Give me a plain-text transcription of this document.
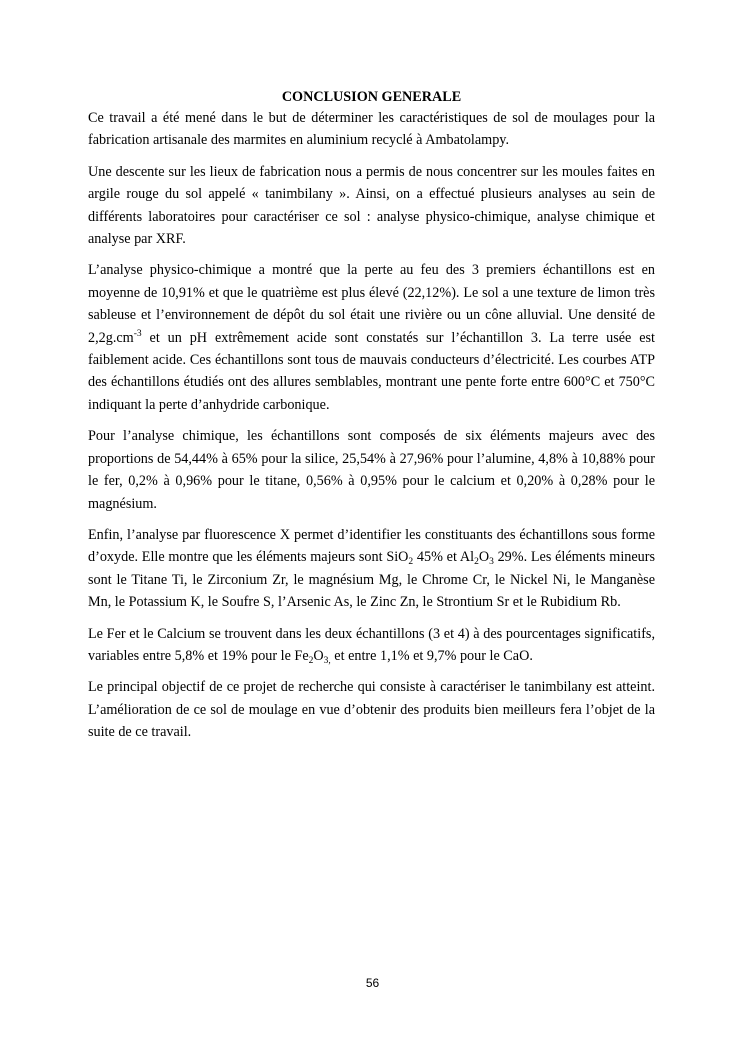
CONCLUSION GENERALE

Ce travail a été mené dans le but de déterminer les caractéristiques de sol de moulages pour la fabrication artisanale des marmites en aluminium recyclé à Ambatolampy.

Une descente sur les lieux de fabrication nous a permis de nous concentrer sur les moules faites en argile rouge du sol appelé « tanimbilany ». Ainsi, on a effectué plusieurs analyses au sein de différents laboratoires pour caractériser ce sol : analyse physico-chimique, analyse chimique et analyse par XRF.

L’analyse physico-chimique a montré que la perte au feu des 3 premiers échantillons est en moyenne de 10,91% et que le quatrième est plus élevé (22,12%). Le sol a une texture de limon très sableuse et l’environnement de dépôt du sol était une rivière ou un cône alluvial. Une densité de $2,2g.cm^{-3}$ et un pH extrêmement acide sont constatés sur l’échantillon 3. La terre usée est faiblement acide. Ces échantillons sont tous de mauvais conducteurs d’électricité. Les courbes ATP des échantillons étudiés ont des allures semblables, montrant une pente forte entre 600°C et 750°C indiquant la perte d’anhydride carbonique.

Pour l’analyse chimique, les échantillons sont composés de six éléments majeurs avec des proportions de 54,44% à 65% pour la silice, 25,54% à 27,96% pour l’alumine, 4,8% à 10,88% pour le fer, 0,2% à 0,96% pour le titane, 0,56% à 0,95% pour le calcium et 0,20% à 0,28% pour le magnésium.

Enfin, l’analyse par fluorescence X permet d’identifier les constituants des échantillons sous forme d’oxyde. Elle montre que les éléments majeurs sont SiO$_2$ 45% et $Al_2O_3$ 29%. Les éléments mineurs sont le Titane Ti, le Zirconium Zr, le magnésium Mg, le Chrome Cr, le Nickel Ni, le Manganèse Mn, le Potassium K, le Soufre S, l’Arsenic As, le Zinc Zn, le Strontium Sr et le Rubidium Rb.

Le Fer et le Calcium se trouvent dans les deux échantillons (3 et 4) à des pourcentages significatifs, variables entre 5,8% et 19% pour le $Fe_2O_{3,}$ et entre 1,1% et 9,7% pour le CaO.

Le principal objectif de ce projet de recherche qui consiste à caractériser le tanimbilany est atteint. L’amélioration de ce sol de moulage en vue d’obtenir des produits bien meilleurs fera l’objet de la suite de ce travail.

56
